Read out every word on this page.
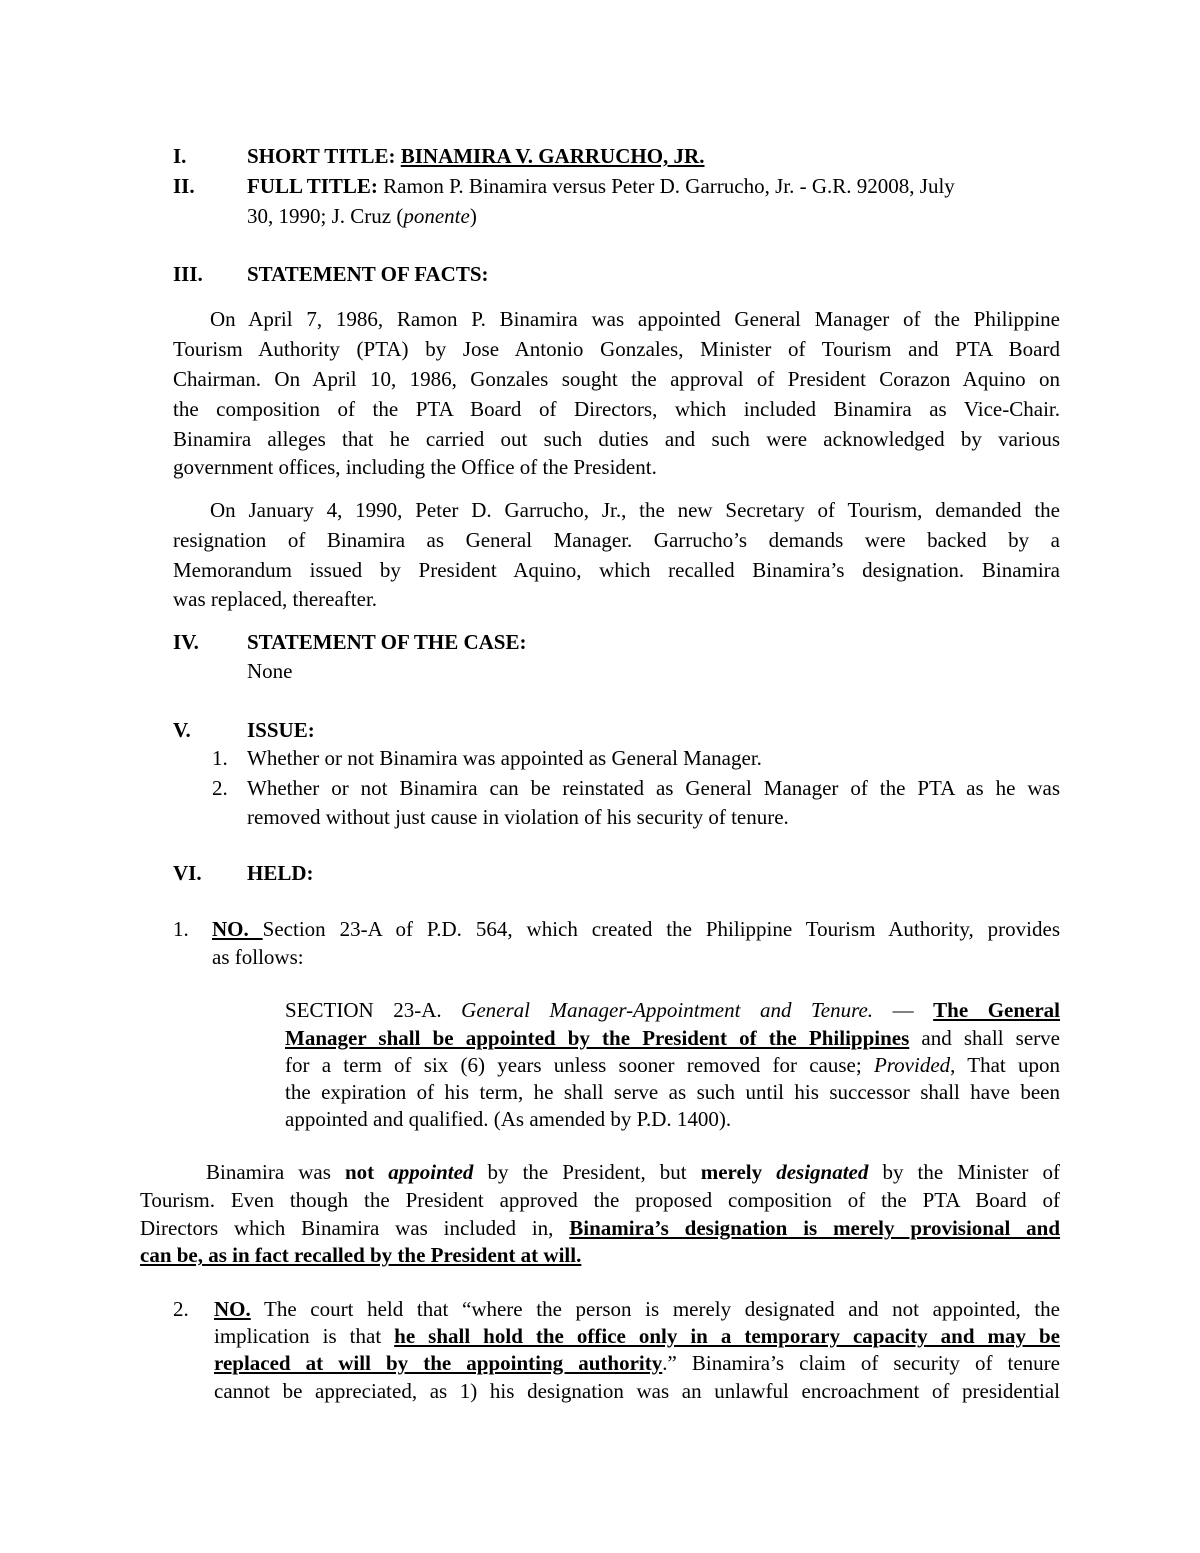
I.	SHORT TITLE: BINAMIRA V. GARRUCHO, JR.
II. FULL TITLE: Ramon P. Binamira versus Peter D. Garrucho, Jr. - G.R. 92008, July
30, 1990; J. Cruz (ponente)
III. STATEMENT OF FACTS:
On April 7, 1986, Ramon P. Binamira was appointed General Manager of the Philippine
Tourism Authority (PTA) by Jose Antonio Gonzales, Minister of Tourism and PTA Board
Chairman. On April 10, 1986, Gonzales sought the approval of President Corazon Aquino on
the composition of the PTA Board of Directors, which included Binamira as Vice-Chair.
Binamira alleges that he carried out such duties and such were acknowledged by various
government offices, including the Office of the President.
On January 4, 1990, Peter D. Garrucho, Jr., the new Secretary of Tourism, demanded the
resignation of Binamira as General Manager. Garrucho’s demands were backed by a
Memorandum issued by President Aquino, which recalled Binamira’s designation. Binamira
was replaced, thereafter.
IV. STATEMENT OF THE CASE:
None
V.	ISSUE:
1. Whether or not Binamira was appointed as General Manager.
2. Whether or not Binamira can be reinstated as General Manager of the PTA as he was
removed without just cause in violation of his security of tenure.
VI. HELD:
1. NO. Section 23-A of P.D. 564, which created the Philippine Tourism Authority, provides
as follows:
SECTION 23-A. General Manager-Appointment and Tenure. — The General
Manager shall be appointed by the President of the Philippines and shall serve
for a term of six (6) years unless sooner removed for cause; Provided, That upon
the expiration of his term, he shall serve as such until his successor shall have been
appointed and qualified. (As amended by P.D. 1400).
Binamira was not appointed by the President, but merely designated by the Minister of
Tourism. Even though the President approved the proposed composition of the PTA Board of
Directors which Binamira was included in, Binamira’s designation is merely provisional and
can be, as in fact recalled by the President at will.
2. NO. The court held that “where the person is merely designated and not appointed, the
implication is that he shall hold the office only in a temporary capacity and may be
replaced at will by the appointing authority.” Binamira’s claim of security of tenure
cannot be appreciated, as 1) his designation was an unlawful encroachment of presidential
